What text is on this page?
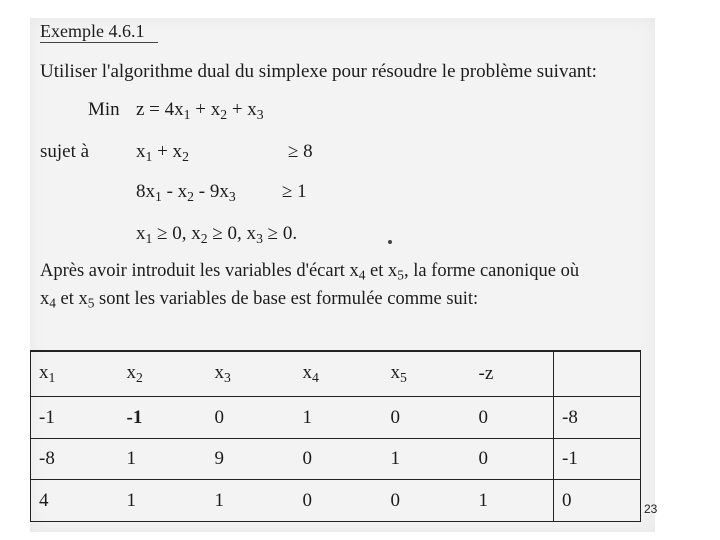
Exemple 4.6.1
Utiliser l'algorithme dual du simplexe pour résoudre le problème suivant:
Min $z = 4x_1 + x_2 + x_3$
sujet à $x_1 + x_2$	≥ 8
$8x_1 - x_2 - 9x_3 \ge 1$
$x_1 \ge 0$, $x_2 \ge 0$, $x_3 \ge 0$.
Après avoir introduit les variables d'écart $x_4$ et $x_5$, la forme canonique où
$x_4$ et $x_5$ sont les variables de base est formulée comme suit:
$x_1$	$x_2$	$x_3$	$x_4$	$x_5$	-z	
-1	-1	0	1	0	0	-8
-8	1	9	0	1	0	-1
4	1	1	0	0	1	0	23
